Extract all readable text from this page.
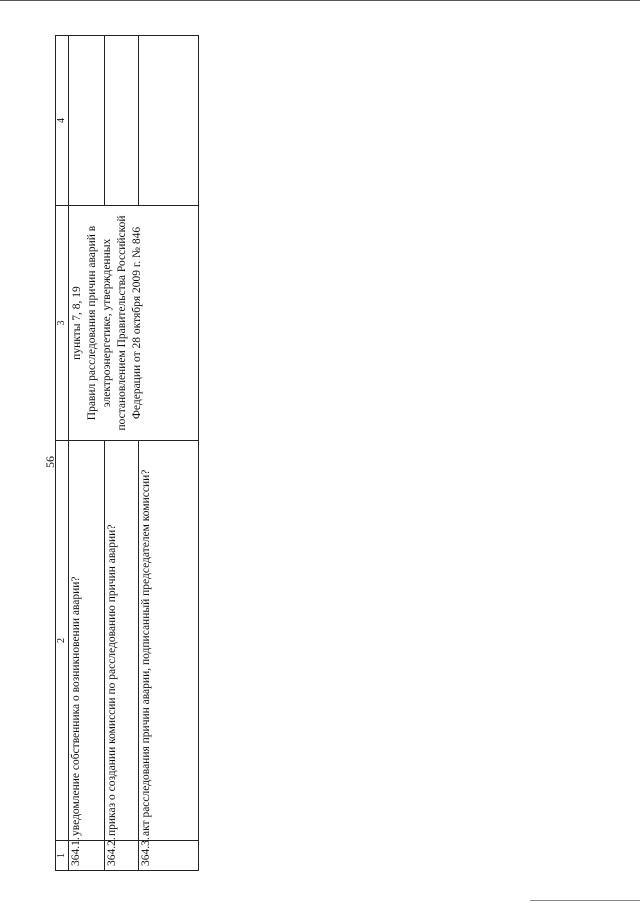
56
1	2	3	4
364.1.	уведомление собственника о возникновении аварии?	пункты 7, 8, 19 Правил расследования причин аварий в электроэнергетике, утвержденных постановлением Правительства Российской Федерации от 28 октября 2009 г. № 846	

364.2.	приказ о создании комиссии по расследованию причин аварии?		
364.3.	акт расследования причин аварии, подписанный председателем комиссии?		
